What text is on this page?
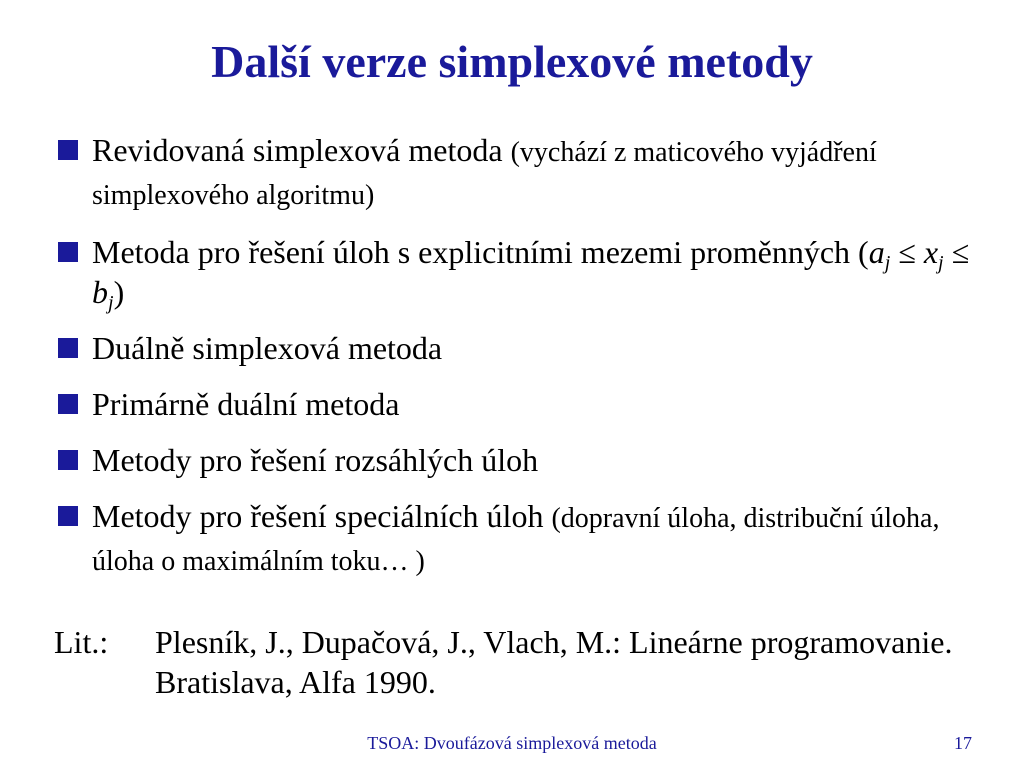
Další verze simplexové metody
Revidovaná simplexová metoda (vychází z maticového vyjádření simplexového algoritmu)
Metoda pro řešení úloh s explicitními mezemi proměnných $(a_j \le x_j \le b_j)$
Duálně simplexová metoda
Primárně duální metoda
Metody pro řešení rozsáhlých úloh
Metody pro řešení speciálních úloh (dopravní úloha, distribuční úloha, úloha o maximálním toku… )
Lit.:	Plesník, J., Dupačová, J., Vlach, M.: Lineárne programovanie. Bratislava, Alfa 1990.
TSOA: Dvoufázová simplexová metoda	17
